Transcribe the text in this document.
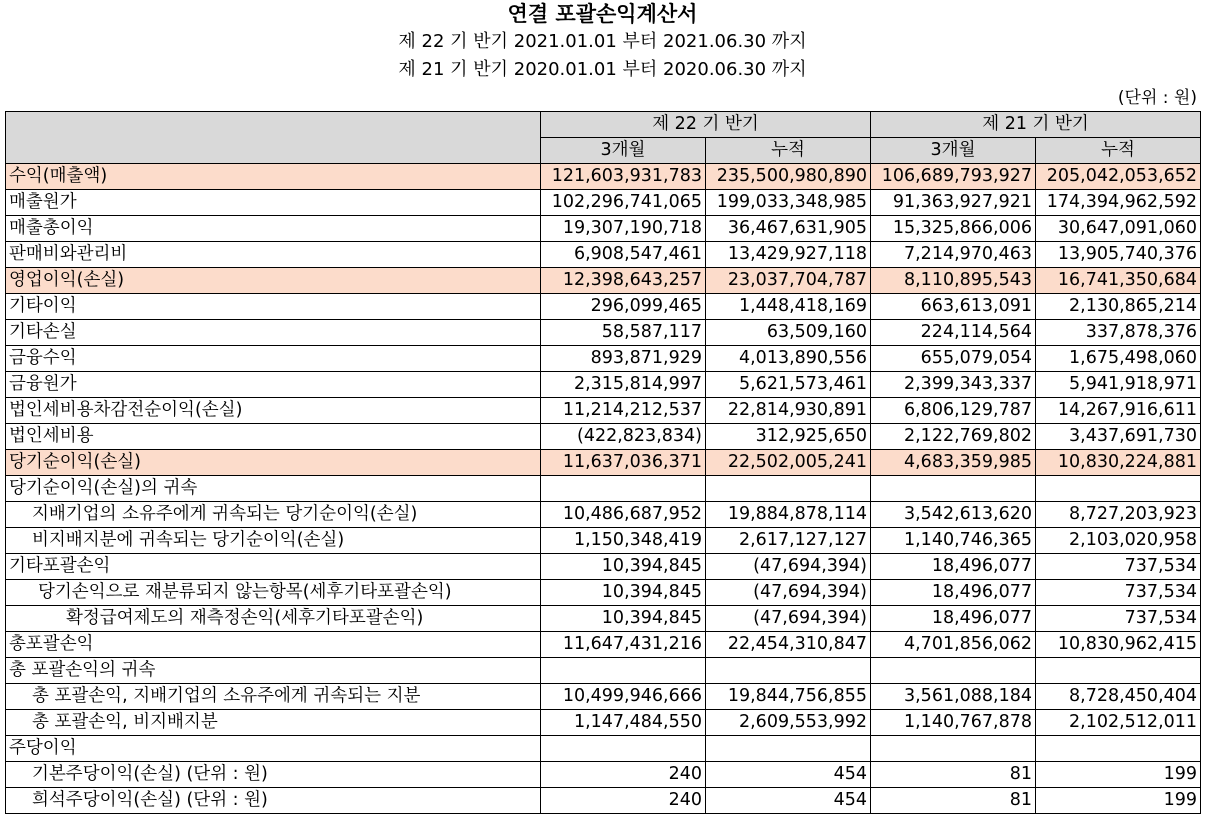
연결 포괄손익계산서
제 22 기 반기 2021.01.01 부터 2021.06.30 까지
제 21 기 반기 2020.01.01 부터 2020.06.30 까지
(단위 : 원)
	제 22 기 반기		제 21 기 반기	
	3개월	누적	3개월	누적
수익(매출액)	121,603,931,783	235,500,980,890	106,689,793,927	205,042,053,652
매출원가	102,296,741,065	199,033,348,985	91,363,927,921	174,394,962,592
매출총이익	19,307,190,718	36,467,631,905	15,325,866,006	30,647,091,060
판매비와관리비	6,908,547,461	13,429,927,118	7,214,970,463	13,905,740,376
영업이익(손실)	12,398,643,257	23,037,704,787	8,110,895,543	16,741,350,684
기타이익	296,099,465	1,448,418,169	663,613,091	2,130,865,214
기타손실	58,587,117	63,509,160	224,114,564	337,878,376
금융수익	893,871,929	4,013,890,556	655,079,054	1,675,498,060
금융원가	2,315,814,997	5,621,573,461	2,399,343,337	5,941,918,971
법인세비용차감전순이익(손실)	11,214,212,537	22,814,930,891	6,806,129,787	14,267,916,611
법인세비용	(422,823,834)	312,925,650	2,122,769,802	3,437,691,730
당기순이익(손실)	11,637,036,371	22,502,005,241	4,683,359,985	10,830,224,881
당기순이익(손실)의 귀속				
지배기업의 소유주에게 귀속되는 당기순이익(손실)	10,486,687,952	19,884,878,114	3,542,613,620	8,727,203,923
비지배지분에 귀속되는 당기순이익(손실)	1,150,348,419	2,617,127,127	1,140,746,365	2,103,020,958
기타포괄손익	10,394,845	(47,694,394)	18,496,077	737,534
당기손익으로 재분류되지 않는항목(세후기타포괄손익)	10,394,845	(47,694,394)	18,496,077	737,534
확정급여제도의 재측정손익(세후기타포괄손익)	10,394,845	(47,694,394)	18,496,077	737,534
총포괄손익	11,647,431,216	22,454,310,847	4,701,856,062	10,830,962,415
총 포괄손익의 귀속				
총 포괄손익, 지배기업의 소유주에게 귀속되는 지분	10,499,946,666	19,844,756,855	3,561,088,184	8,728,450,404
총 포괄손익, 비지배지분	1,147,484,550	2,609,553,992	1,140,767,878	2,102,512,011
주당이익				
기본주당이익(손실) (단위 : 원)	240	454	81	199
희석주당이익(손실) (단위 : 원)	240	454	81	199
